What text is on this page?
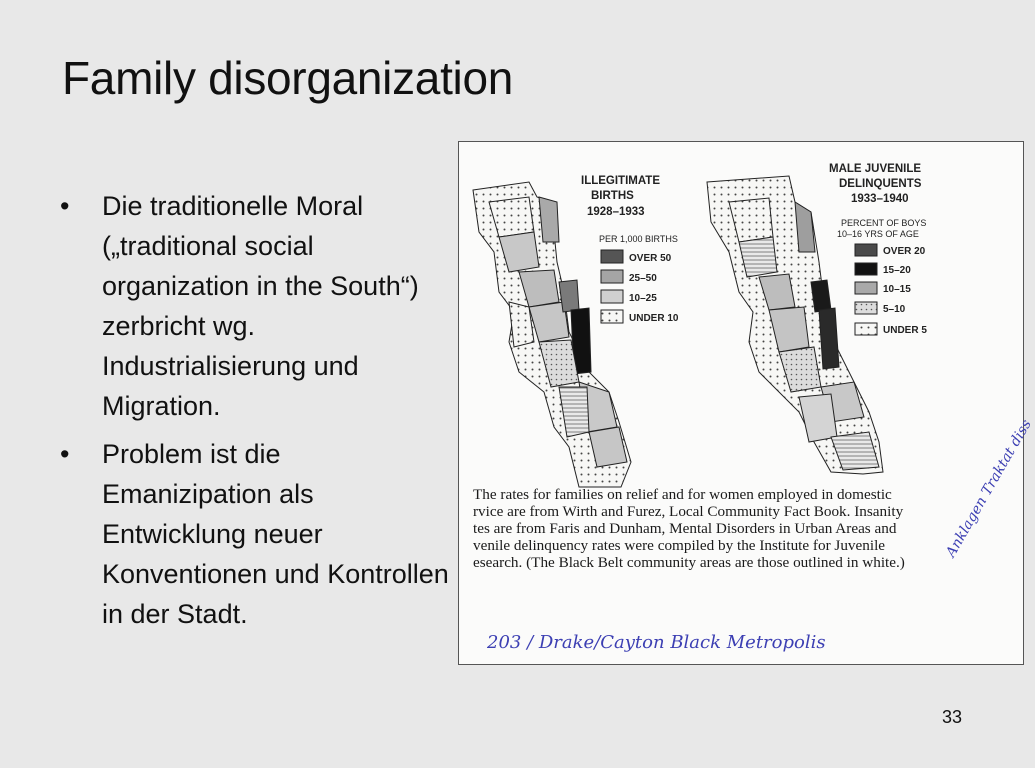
Family disorganization
• Die traditionelle Moral („traditional social organization in the South“) zerbricht wg. Industrialisierung und Migration.
• Problem ist die Emanizipation als Entwicklung neuer Konventionen und Kontrollen in der Stadt.
ILLEGITIMATE
BIRTHS
1928–1933
PER 1,000 BIRTHS
OVER 50
25–50
10–25
UNDER 10
MALE JUVENILE
DELINQUENTS
1933–1940
PERCENT OF BOYS
10–16 YRS OF AGE
OVER 20
15–20
10–15
5–10
UNDER 5

The rates for families on relief and for women employed in domestic
rvice are from Wirth and Furez, Local Community Fact Book. Insanity
tes are from Faris and Dunham, Mental Disorders in Urban Areas and
venile delinquency rates were compiled by the Institute for Juvenile
esearch. (The Black Belt community areas are those outlined in white.)

203 / Drake/Cayton Black Metropolis
Anklagen Traktat diss
33
